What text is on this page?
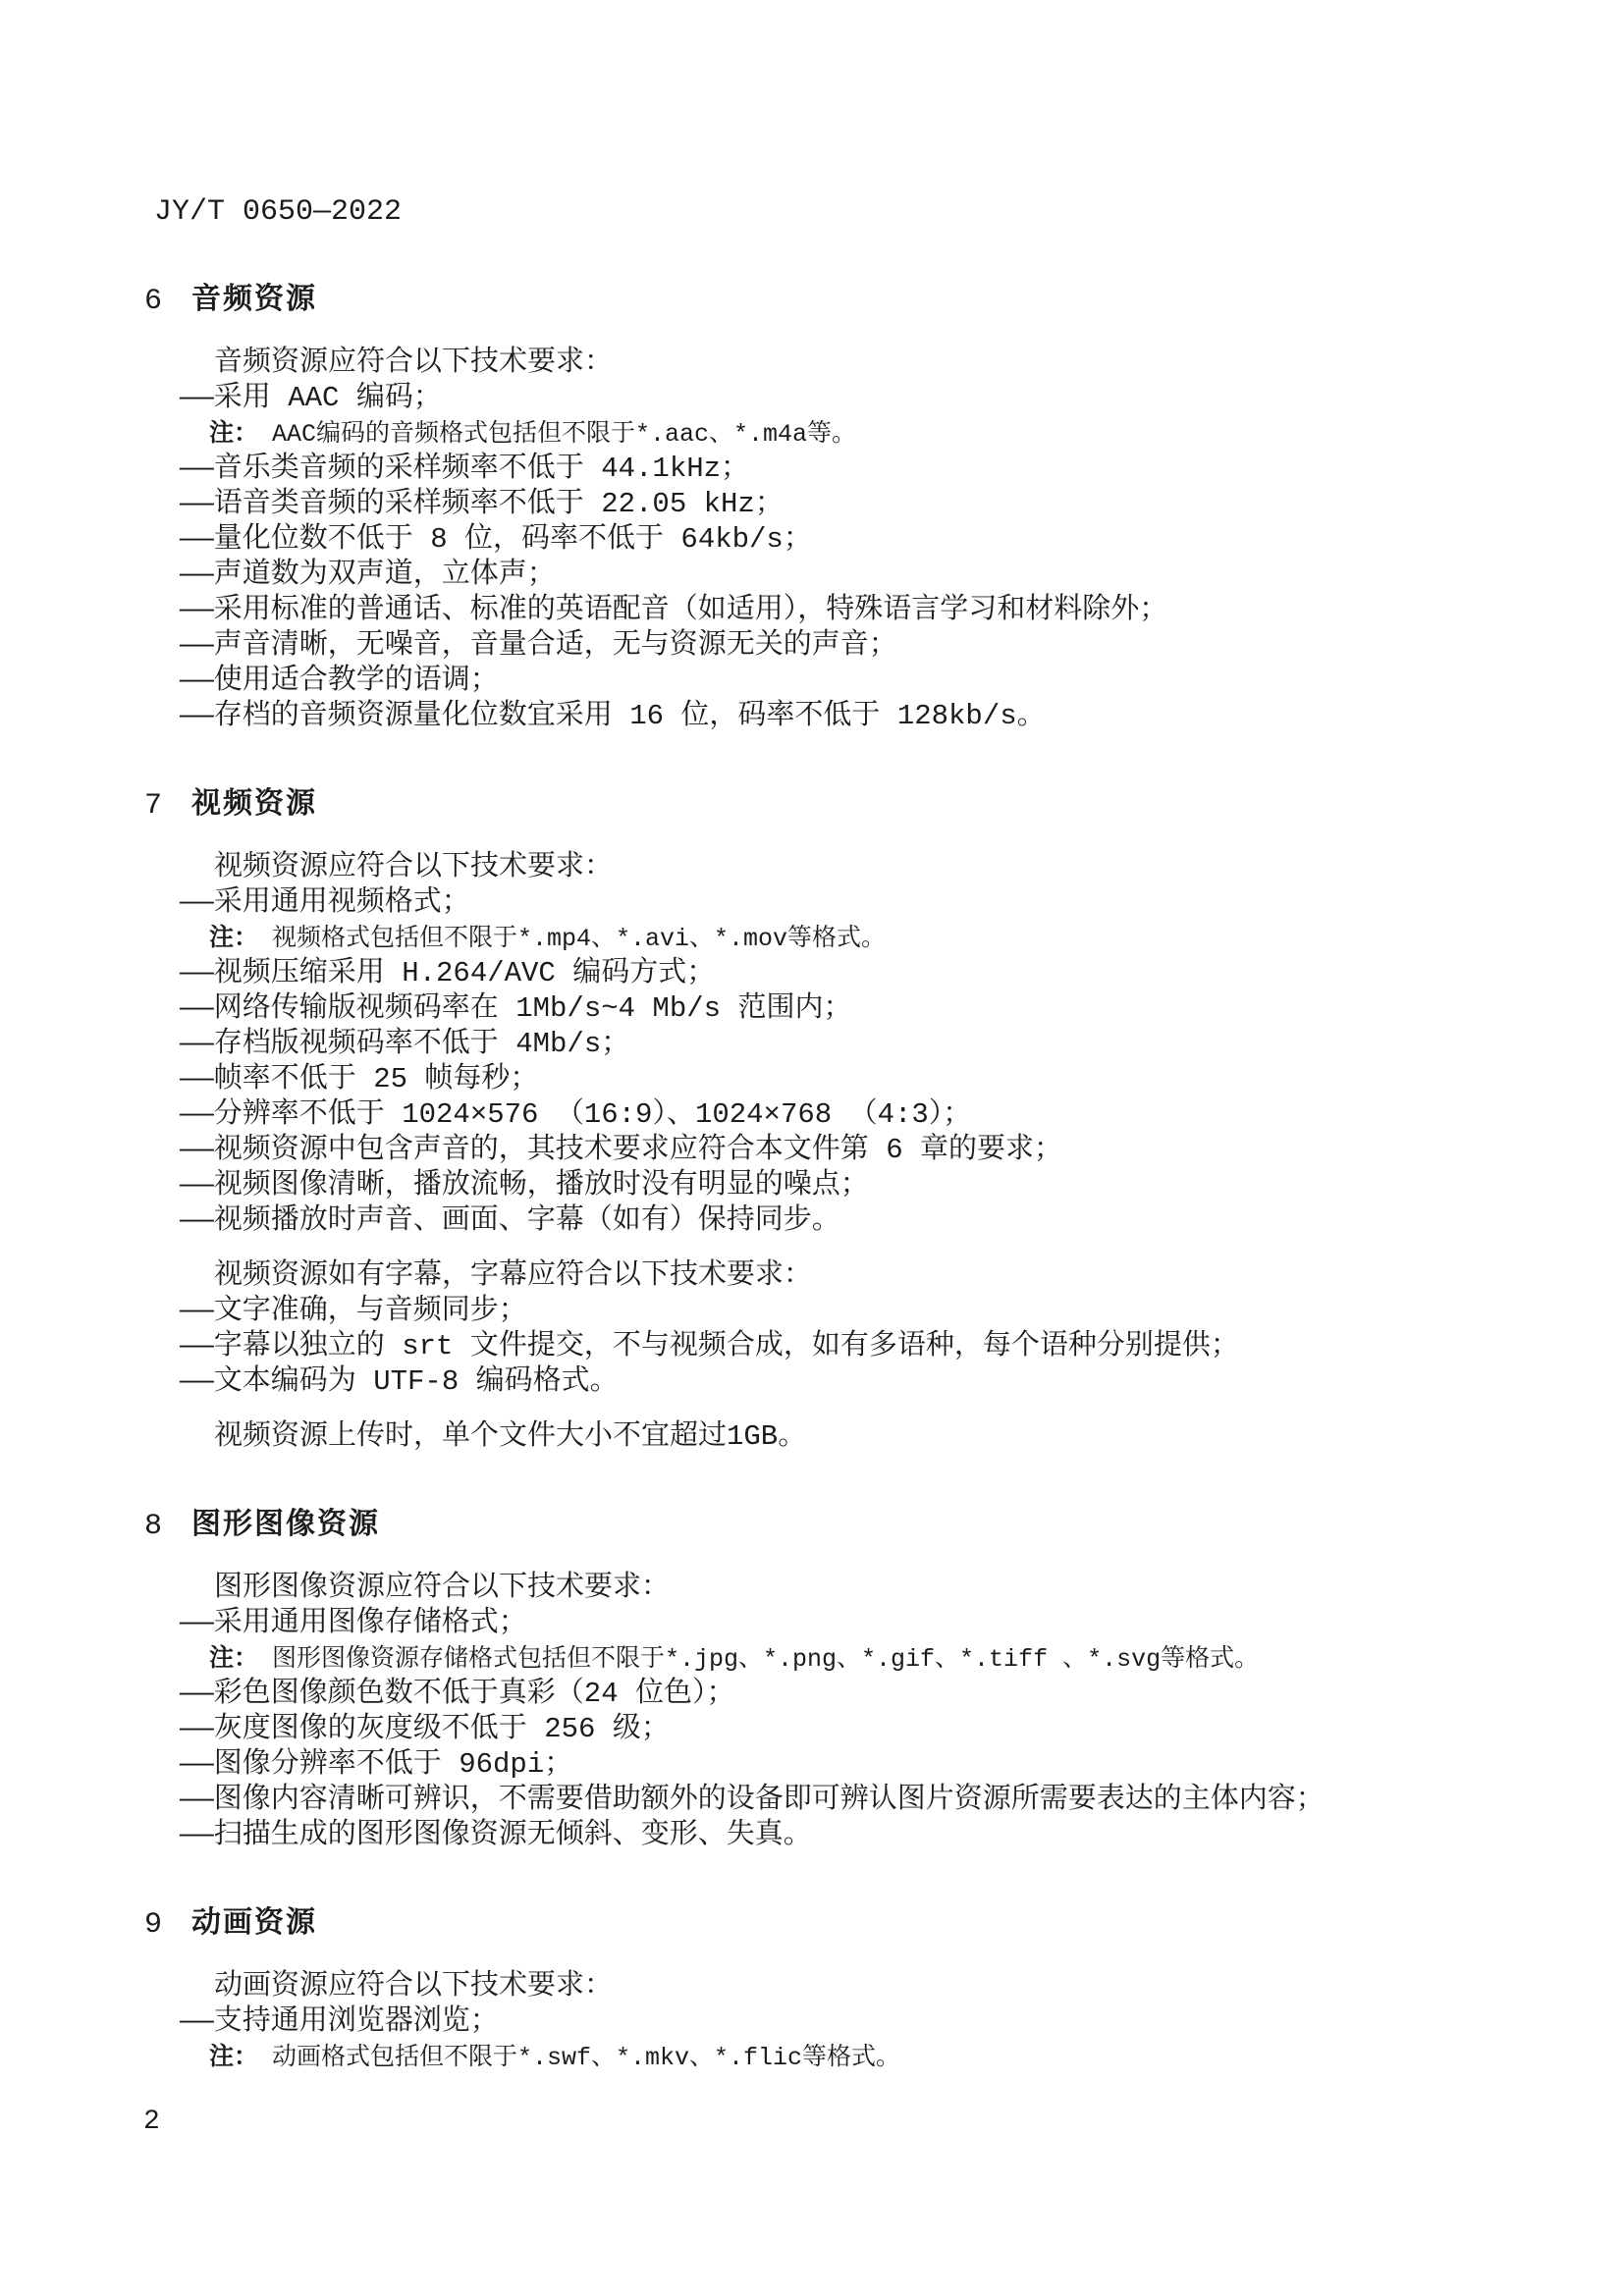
JY/T 0650—2022
6 音频资源

音频资源应符合以下技术要求：

——采用 AAC 编码；

注： AAC编码的音频格式包括但不限于*.aac、*.m4a等。

——音乐类音频的采样频率不低于 44.1kHz；

——语音类音频的采样频率不低于 22.05 kHz；

——量化位数不低于 8 位，码率不低于 64kb/s；

——声道数为双声道，立体声；

——采用标准的普通话、标准的英语配音（如适用），特殊语言学习和材料除外；

——声音清晰，无噪音，音量合适，无与资源无关的声音；

——使用适合教学的语调；

——存档的音频资源量化位数宜采用 16 位，码率不低于 128kb/s。

7 视频资源

视频资源应符合以下技术要求：

——采用通用视频格式；

注： 视频格式包括但不限于*.mp4、*.avi、*.mov等格式。

——视频压缩采用 H.264/AVC 编码方式；

——网络传输版视频码率在 1Mb/s~4 Mb/s 范围内；

——存档版视频码率不低于 4Mb/s；

——帧率不低于 25 帧每秒；

——分辨率不低于 1024×576 （16:9）、1024×768 （4:3）；

——视频资源中包含声音的，其技术要求应符合本文件第 6 章的要求；

——视频图像清晰，播放流畅，播放时没有明显的噪点；

——视频播放时声音、画面、字幕（如有）保持同步。

视频资源如有字幕，字幕应符合以下技术要求：

——文字准确，与音频同步；

——字幕以独立的 srt 文件提交，不与视频合成，如有多语种，每个语种分别提供；

——文本编码为 UTF-8 编码格式。

视频资源上传时，单个文件大小不宜超过1GB。

8 图形图像资源

图形图像资源应符合以下技术要求：

——采用通用图像存储格式；

注： 图形图像资源存储格式包括但不限于*.jpg、*.png、*.gif、*.tiff 、*.svg等格式。

——彩色图像颜色数不低于真彩（24 位色）；

——灰度图像的灰度级不低于 256 级；

——图像分辨率不低于 96dpi；

——图像内容清晰可辨识，不需要借助额外的设备即可辨认图片资源所需要表达的主体内容；

——扫描生成的图形图像资源无倾斜、变形、失真。

9 动画资源

动画资源应符合以下技术要求：

——支持通用浏览器浏览；

注： 动画格式包括但不限于*.swf、*.mkv、*.flic等格式。

2
